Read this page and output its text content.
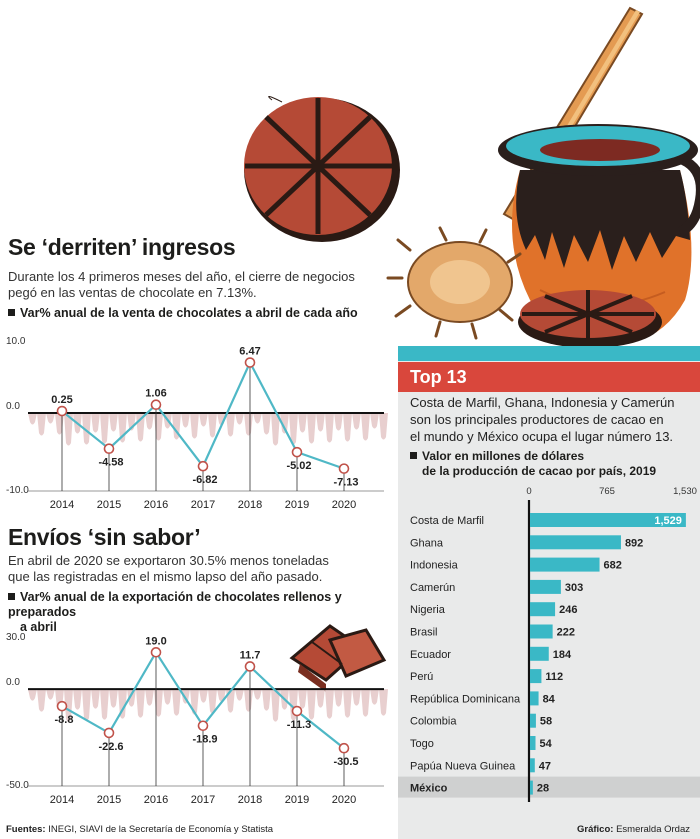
Se ‘derriten’ ingresos
Durante los 4 primeros meses del año, el cierre de negocios
pegó en las ventas de chocolate en 7.13%.
Var% anual de la venta de chocolates a abril de cada año
10.0
0.0
-10.0
0.25
2014
-4.58
2015
1.06
2016
-6.82
2017
6.47
2018
-5.02
2019
-7.13
2020
Envíos ‘sin sabor’
En abril de 2020 se exportaron 30.5% menos toneladas
que las registradas en el mismo lapso del año pasado.
Var% anual de la exportación de chocolates rellenos y preparados
a abril
30.0
0.0
-50.0
-8.8
2014
-22.6
2015
19.0
2016
-18.9
2017
11.7
2018
-11.3
2019
-30.5
2020
Top 13
Costa de Marfil, Ghana, Indonesia y Camerún
son los principales productores de cacao en
el mundo y México ocupa el lugar número 13.
Valor en millones de dólares
de la producción de cacao por país, 2019
0	765	1,530
Costa de Marfil	1,529
Ghana	892
Indonesia	682
Camerún	303
Nigeria	246
Brasil	222
Ecuador	184
Perú	112
República Dominicana 84
Colombia	58
Togo	54
Papúa Nueva Guinea 47
México	28
Fuentes: INEGI, SIAVI de la Secretaría de Economía y Statista	Gráfico: Esmeralda Ordaz
